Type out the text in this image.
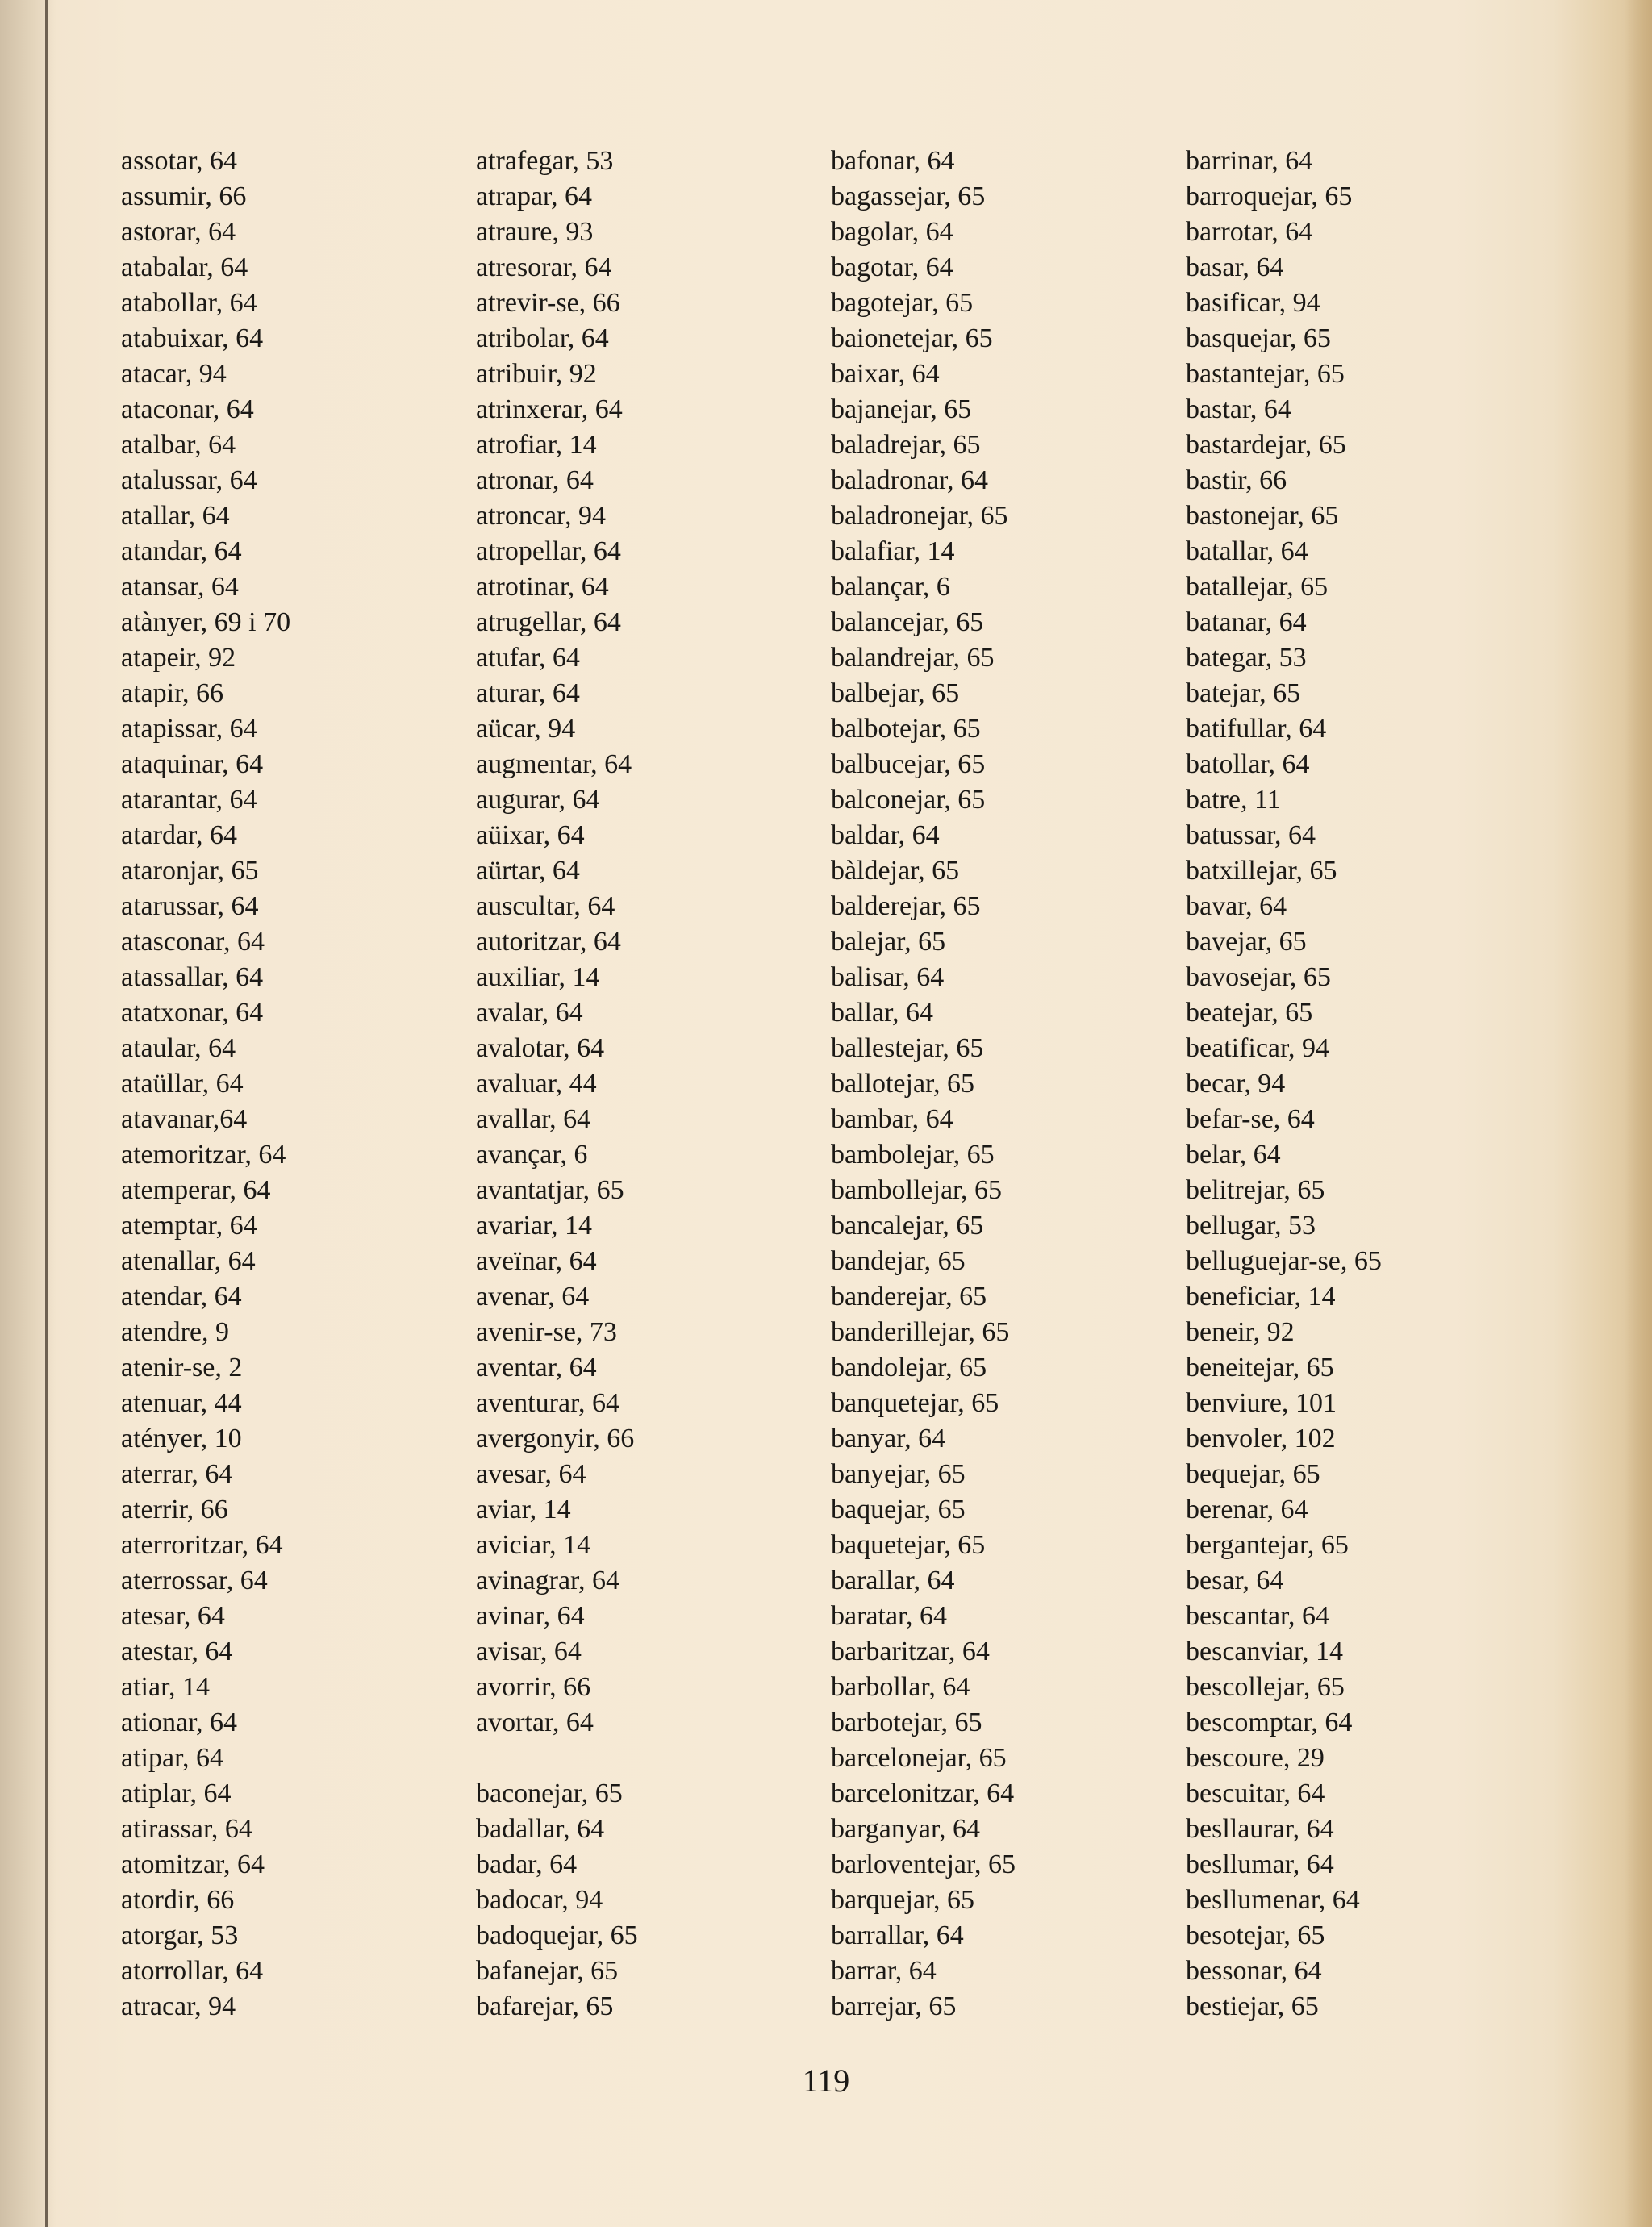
assotar, 64
assumir, 66
astorar, 64
atabalar, 64
atabollar, 64
atabuixar, 64
atacar, 94
ataconar, 64
atalbar, 64
atalussar, 64
atallar, 64
atandar, 64
atansar, 64
atànyer, 69 i 70
atapeir, 92
atapir, 66
atapissar, 64
ataquinar, 64
atarantar, 64
atardar, 64
ataronjar, 65
atarussar, 64
atasconar, 64
atassallar, 64
atatxonar, 64
ataular, 64
ataüllar, 64
atavanar,64
atemoritzar, 64
atemperar, 64
atemptar, 64
atenallar, 64
atendar, 64
atendre, 9
atenir-se, 2
atenuar, 44
atényer, 10
aterrar, 64
aterrir, 66
aterroritzar, 64
aterrossar, 64
atesar, 64
atestar, 64
atiar, 14
ationar, 64
atipar, 64
atiplar, 64
atirassar, 64
atomitzar, 64
atordir, 66
atorgar, 53
atorrollar, 64
atracar, 94
atrafegar, 53
atrapar, 64
atraure, 93
atresorar, 64
atrevir-se, 66
atribolar, 64
atribuir, 92
atrinxerar, 64
atrofiar, 14
atronar, 64
atroncar, 94
atropellar, 64
atrotinar, 64
atrugellar, 64
atufar, 64
aturar, 64
aücar, 94
augmentar, 64
augurar, 64
aüixar, 64
aürtar, 64
auscultar, 64
autoritzar, 64
auxiliar, 14
avalar, 64
avalotar, 64
avaluar, 44
avallar, 64
avançar, 6
avantatjar, 65
avariar, 14
aveïnar, 64
avenar, 64
avenir-se, 73
aventar, 64
aventurar, 64
avergonyir, 66
avesar, 64
aviar, 14
aviciar, 14
avinagrar, 64
avinar, 64
avisar, 64
avorrir, 66
avortar, 64
baconejar, 65
badallar, 64
badar, 64
badocar, 94
badoquejar, 65
bafanejar, 65
bafarejar, 65
bafonar, 64
bagassejar, 65
bagolar, 64
bagotar, 64
bagotejar, 65
baionetejar, 65
baixar, 64
bajanejar, 65
baladrejar, 65
baladronar, 64
baladronejar, 65
balafiar, 14
balançar, 6
balancejar, 65
balandrejar, 65
balbejar, 65
balbotejar, 65
balbucejar, 65
balconejar, 65
baldar, 64
bàldejar, 65
balderejar, 65
balejar, 65
balisar, 64
ballar, 64
ballestejar, 65
ballotejar, 65
bambar, 64
bambolejar, 65
bambollejar, 65
bancalejar, 65
bandejar, 65
banderejar, 65
banderillejar, 65
bandolejar, 65
banquetejar, 65
banyar, 64
banyejar, 65
baquejar, 65
baquetejar, 65
barallar, 64
baratar, 64
barbaritzar, 64
barbollar, 64
barbotejar, 65
barcelonejar, 65
barcelonitzar, 64
barganyar, 64
barloventejar, 65
barquejar, 65
barrallar, 64
barrar, 64
barrejar, 65
barrinar, 64
barroquejar, 65
barrotar, 64
basar, 64
basificar, 94
basquejar, 65
bastantejar, 65
bastar, 64
bastardejar, 65
bastir, 66
bastonejar, 65
batallar, 64
batallejar, 65
batanar, 64
bategar, 53
batejar, 65
batifullar, 64
batollar, 64
batre, 11
batussar, 64
batxillejar, 65
bavar, 64
bavejar, 65
bavosejar, 65
beatejar, 65
beatificar, 94
becar, 94
befar-se, 64
belar, 64
belitrejar, 65
bellugar, 53
belluguejar-se, 65
beneficiar, 14
beneir, 92
beneitejar, 65
benviure, 101
benvoler, 102
bequejar, 65
berenar, 64
bergantejar, 65
besar, 64
bescantar, 64
bescanviar, 14
bescollejar, 65
bescomptar, 64
bescoure, 29
bescuitar, 64
besllaurar, 64
besllumar, 64
besllumenar, 64
besotejar, 65
bessonar, 64
bestiejar, 65
119
